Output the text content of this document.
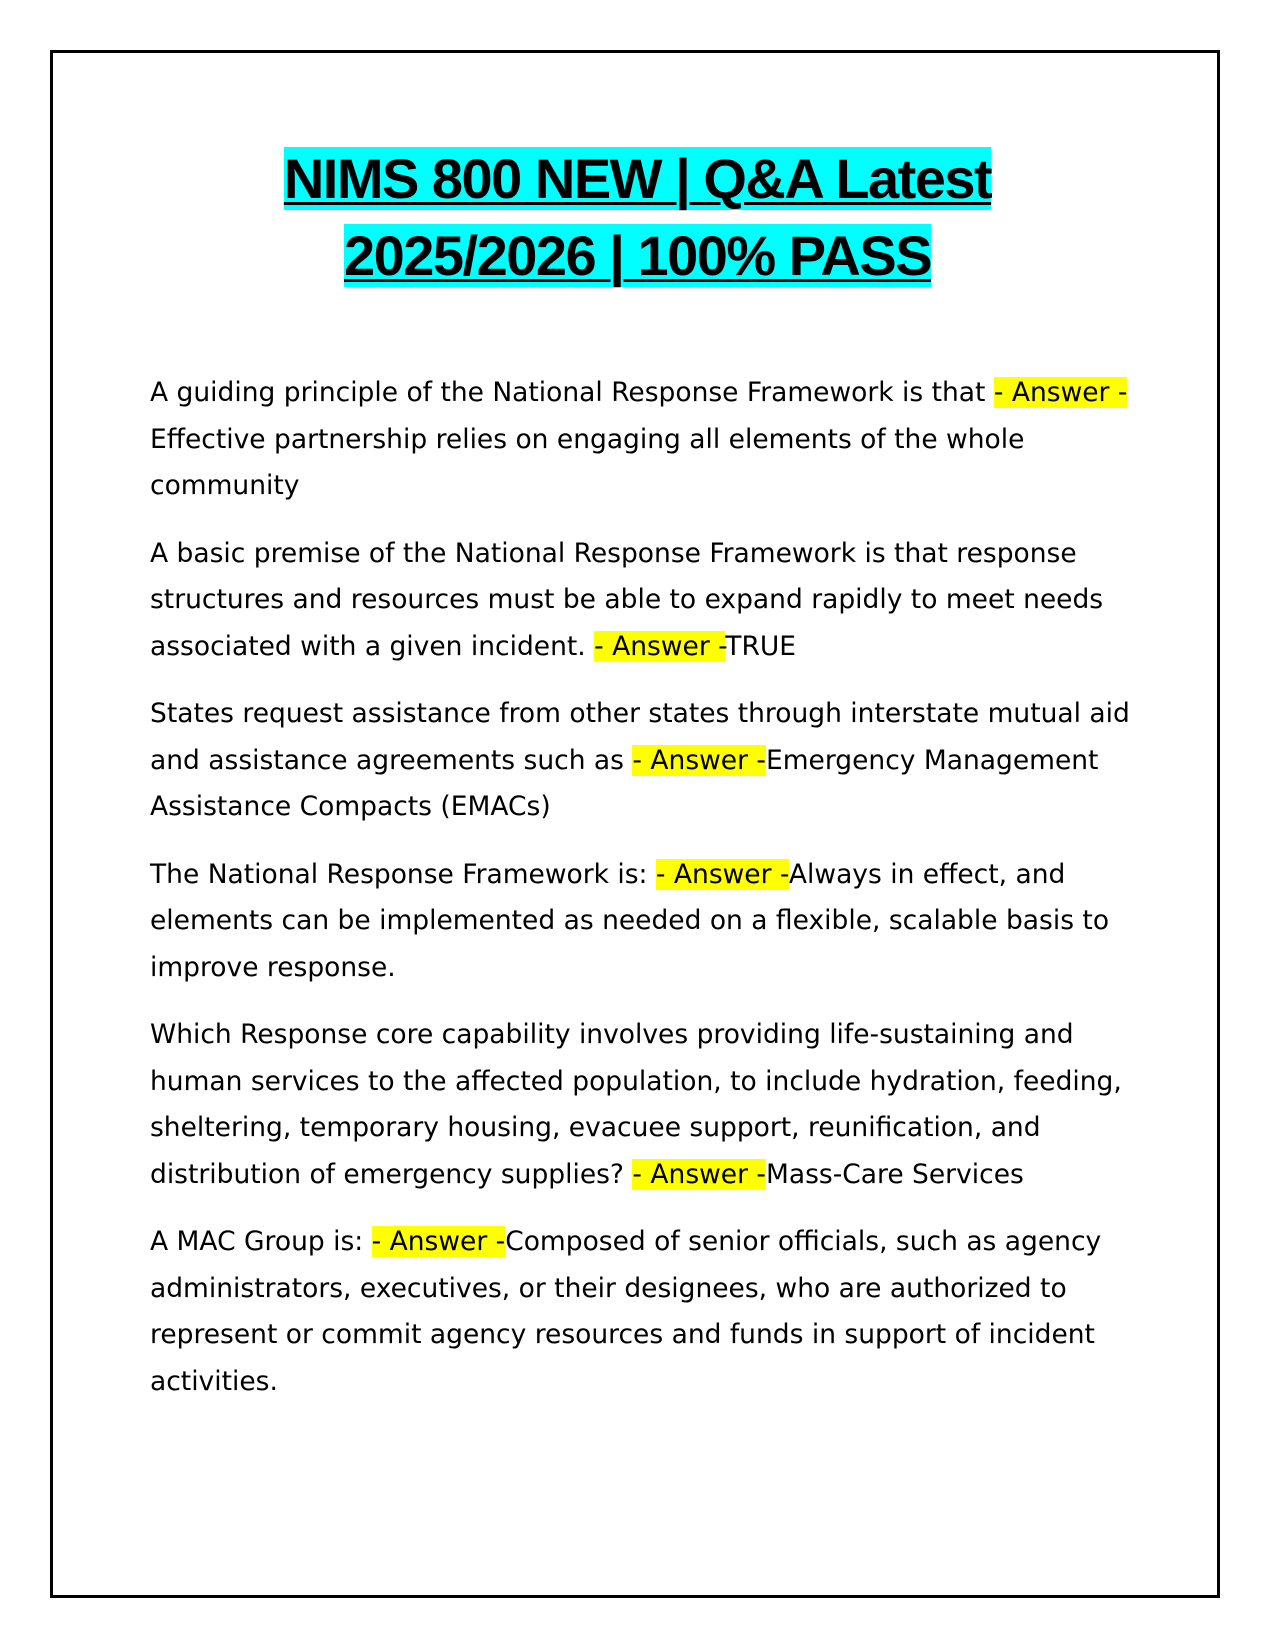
NIMS 800 NEW | Q&A Latest
2025/2026 | 100% PASS

A guiding principle of the National Response Framework is that - Answer -Effective partnership relies on engaging all elements of the whole community

A basic premise of the National Response Framework is that response structures and resources must be able to expand rapidly to meet needs associated with a given incident. - Answer -TRUE

States request assistance from other states through interstate mutual aid and assistance agreements such as - Answer -Emergency Management Assistance Compacts (EMACs)

The National Response Framework is: - Answer -Always in effect, and elements can be implemented as needed on a flexible, scalable basis to improve response.

Which Response core capability involves providing life-sustaining and human services to the affected population, to include hydration, feeding, sheltering, temporary housing, evacuee support, reunification, and distribution of emergency supplies? - Answer -Mass-Care Services

A MAC Group is: - Answer -Composed of senior officials, such as agency administrators, executives, or their designees, who are authorized to represent or commit agency resources and funds in support of incident activities.
